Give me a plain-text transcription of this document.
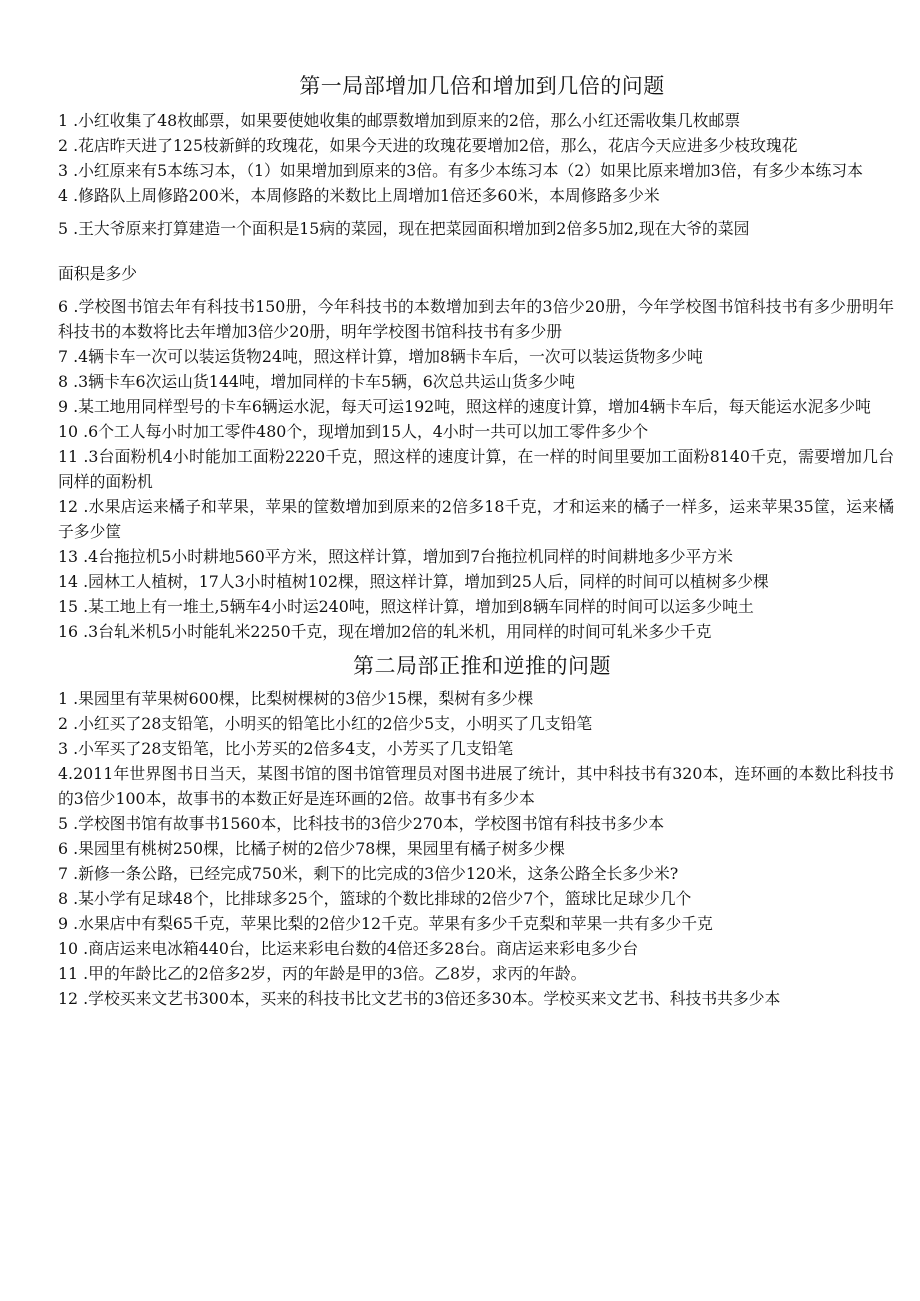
第一局部增加几倍和增加到几倍的问题

1 .小红收集了48枚邮票，如果要使她收集的邮票数增加到原来的2倍，那么小红还需收集几枚邮票

2 .花店昨天进了125枝新鲜的玫瑰花，如果今天进的玫瑰花要增加2倍，那么，花店今天应进多少枝玫瑰花

3 .小红原来有5本练习本，（1）如果增加到原来的3倍。有多少本练习本（2）如果比原来增加3倍，有多少本练习本

4 .修路队上周修路200米，本周修路的米数比上周增加1倍还多60米，本周修路多少米

5 .王大爷原来打算建造一个面积是15病的菜园，现在把菜园面积增加到2倍多5加2,现在大爷的菜园

面积是多少

6 .学校图书馆去年有科技书150册，今年科技书的本数增加到去年的3倍少20册，今年学校图书馆科技书有多少册明年科技书的本数将比去年增加3倍少20册，明年学校图书馆科技书有多少册

7 .4辆卡车一次可以装运货物24吨，照这样计算，增加8辆卡车后，一次可以装运货物多少吨

8 .3辆卡车6次运山货144吨，增加同样的卡车5辆，6次总共运山货多少吨

9 .某工地用同样型号的卡车6辆运水泥，每天可运192吨，照这样的速度计算，增加4辆卡车后，每天能运水泥多少吨

10 .6个工人每小时加工零件480个，现增加到15人，4小时一共可以加工零件多少个

11 .3台面粉机4小时能加工面粉2220千克，照这样的速度计算，在一样的时间里要加工面粉8140千克，需要增加几台同样的面粉机

12 .水果店运来橘子和苹果，苹果的筐数增加到原来的2倍多18千克，才和运来的橘子一样多，运来苹果35筐，运来橘子多少筐

13 .4台拖拉机5小时耕地560平方米，照这样计算，增加到7台拖拉机同样的时间耕地多少平方米

14 .园林工人植树，17人3小时植树102棵，照这样计算，增加到25人后，同样的时间可以植树多少棵

15 .某工地上有一堆土,5辆车4小时运240吨，照这样计算，增加到8辆车同样的时间可以运多少吨土

16 .3台轧米机5小时能轧米2250千克，现在增加2倍的轧米机，用同样的时间可轧米多少千克

第二局部正推和逆推的问题

1 .果园里有苹果树600棵，比梨树棵树的3倍少15棵，梨树有多少棵

2 .小红买了28支铅笔，小明买的铅笔比小红的2倍少5支，小明买了几支铅笔

3 .小军买了28支铅笔，比小芳买的2倍多4支，小芳买了几支铅笔

4.2011年世界图书日当天，某图书馆的图书馆管理员对图书进展了统计，其中科技书有320本，连环画的本数比科技书的3倍少100本，故事书的本数正好是连环画的2倍。故事书有多少本

5 .学校图书馆有故事书1560本，比科技书的3倍少270本，学校图书馆有科技书多少本

6 .果园里有桃树250棵，比橘子树的2倍少78棵，果园里有橘子树多少棵

7 .新修一条公路，已经完成750米，剩下的比完成的3倍少120米，这条公路全长多少米?

8 .某小学有足球48个，比排球多25个，篮球的个数比排球的2倍少7个，篮球比足球少几个

9 .水果店中有梨65千克，苹果比梨的2倍少12千克。苹果有多少千克梨和苹果一共有多少千克

10 .商店运来电冰箱440台，比运来彩电台数的4倍还多28台。商店运来彩电多少台

11 .甲的年龄比乙的2倍多2岁，丙的年龄是甲的3倍。乙8岁，求丙的年龄。

12 .学校买来文艺书300本，买来的科技书比文艺书的3倍还多30本。学校买来文艺书、科技书共多少本
